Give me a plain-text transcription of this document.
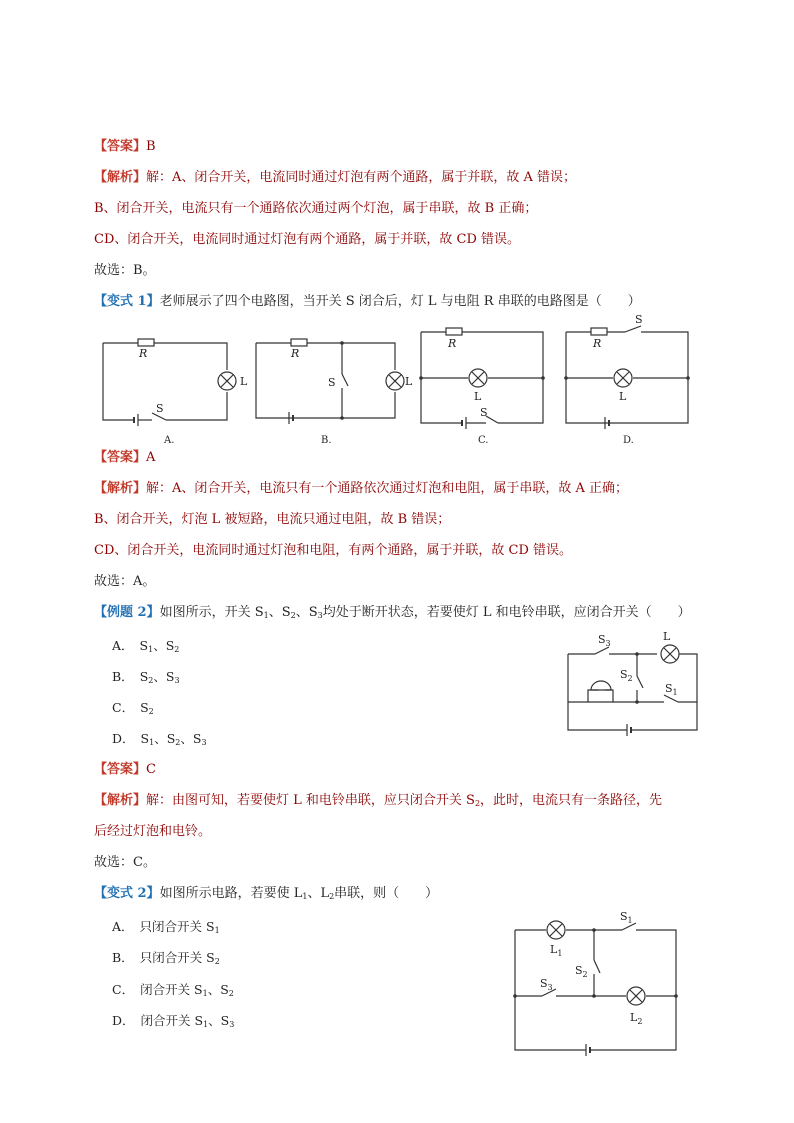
【答案】B
【解析】解：A、闭合开关，电流同时通过灯泡有两个通路，属于并联，故 A 错误；
B、闭合开关，电流只有一个通路依次通过两个灯泡，属于串联，故 B 正确；
CD、闭合开关，电流同时通过灯泡有两个通路，属于并联，故 CD 错误。
故选：B。
【变式 1】老师展示了四个电路图，当开关 S 闭合后，灯 L 与电阻 R 串联的电路图是（　　）
R
L
S
A.
R
L
S
B.
R
L
S
C.
R
S
L
D.
【答案】A
【解析】解：A、闭合开关，电流只有一个通路依次通过灯泡和电阻，属于串联，故 A 正确；
B、闭合开关，灯泡 L 被短路，电流只通过电阻，故 B 错误；
CD、闭合开关，电流同时通过灯泡和电阻，有两个通路，属于并联，故 CD 错误。
故选：A。
【例题 2】如图所示，开关 $S_1$、$S_2$、$S_3$均处于断开状态，若要使灯 L 和电铃串联，应闭合开关（　　）
A． $S_1$、$S_2$
B． $S_2$、$S_3$
C． $S_2$
D． $S_1$、$S_2$、$S_3$
$S_3$
L
$S_2$
$S_1$
【答案】C
【解析】解：由图可知，若要使灯 L 和电铃串联，应只闭合开关 $S_2$，此时，电流只有一条路径，先
后经过灯泡和电铃。
故选：C。
【变式 2】如图所示电路，若要使 $L_1$、$L_2$串联，则（　　）
A． 只闭合开关 $S_1$
B． 只闭合开关 $S_2$
C． 闭合开关 $S_1$、$S_2$
D． 闭合开关 $S_1$、$S_3$
$S_1$
$L_1$
$S_2$
$S_3$
$L_2$
